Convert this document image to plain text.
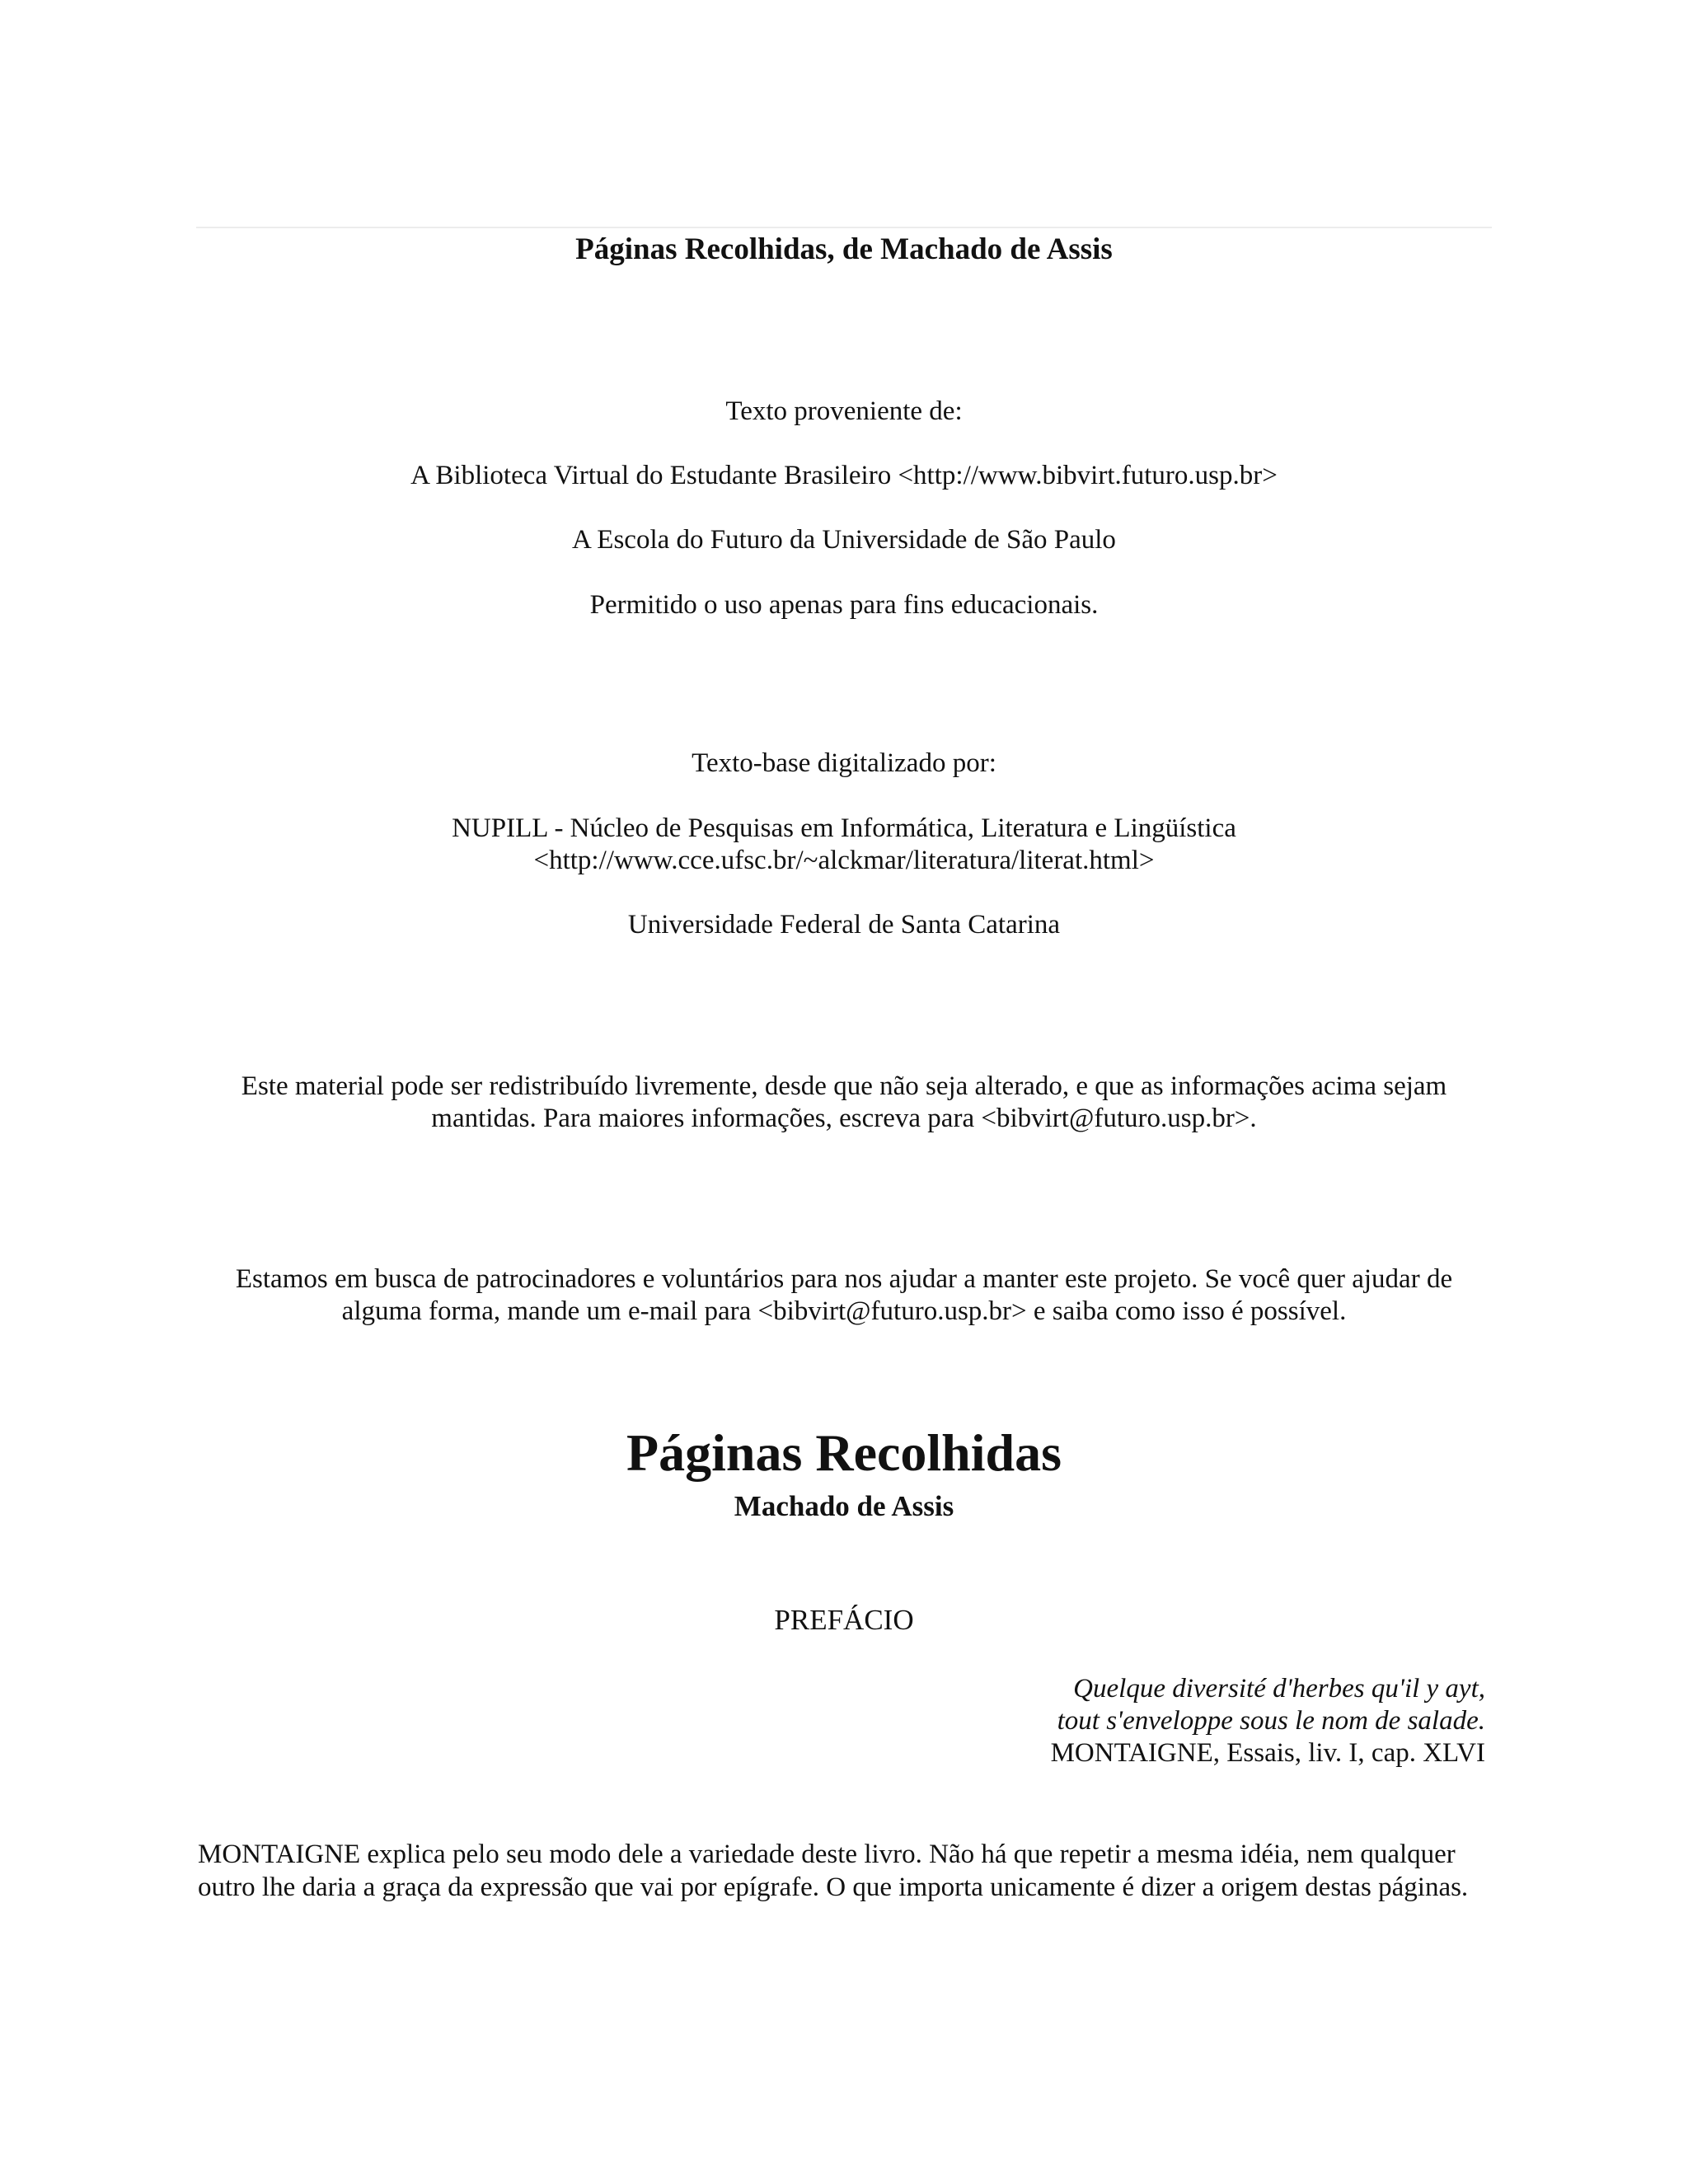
Páginas Recolhidas, de Machado de Assis
Texto proveniente de:
A Biblioteca Virtual do Estudante Brasileiro <http://www.bibvirt.futuro.usp.br>
A Escola do Futuro da Universidade de São Paulo
Permitido o uso apenas para fins educacionais.
Texto-base digitalizado por:
NUPILL - Núcleo de Pesquisas em Informática, Literatura e Lingüística
<http://www.cce.ufsc.br/~alckmar/literatura/literat.html>
Universidade Federal de Santa Catarina
Este material pode ser redistribuído livremente, desde que não seja alterado, e que as informações acima sejam
mantidas. Para maiores informações, escreva para <bibvirt@futuro.usp.br>.
Estamos em busca de patrocinadores e voluntários para nos ajudar a manter este projeto. Se você quer ajudar de
alguma forma, mande um e-mail para <bibvirt@futuro.usp.br> e saiba como isso é possível.
Páginas Recolhidas
Machado de Assis
PREFÁCIO
Quelque diversité d'herbes qu'il y ayt,
tout s'enveloppe sous le nom de salade.
MONTAIGNE, Essais, liv. I, cap. XLVI
MONTAIGNE explica pelo seu modo dele a variedade deste livro. Não há que repetir a mesma idéia, nem qualquer
outro lhe daria a graça da expressão que vai por epígrafe. O que importa unicamente é dizer a origem destas páginas.
